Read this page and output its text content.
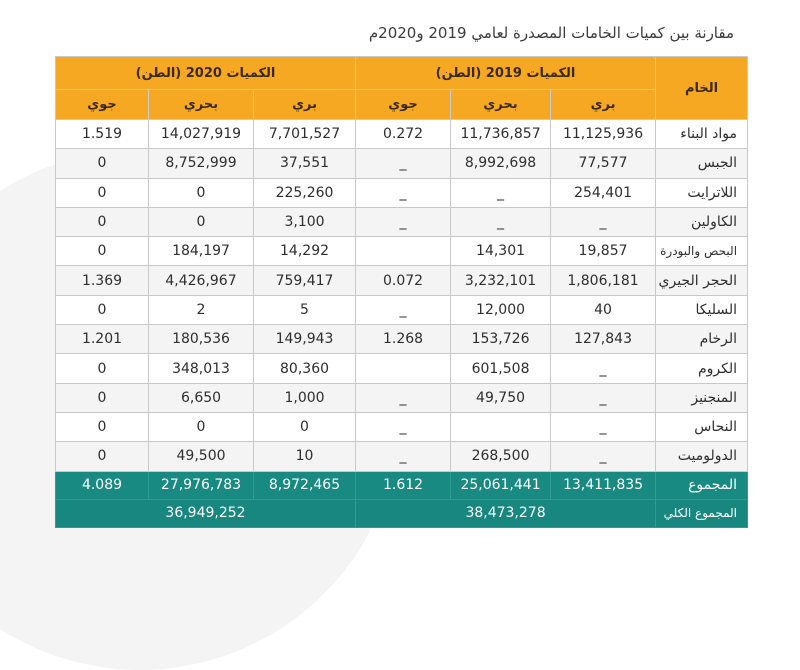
مقارنة بين كميات الخامات المصدرة لعامي 2019 و2020م
الخام	الكميات 2019 (الطن)			الكميات 2020 (الطن)		
	بري	بحري	جوي	بري	بحري	جوي
مواد البناء	11,125,936	11,736,857	0.272	7,701,527	14,027,919	1.519
الجبس	77,577	8,992,698	_	37,551	8,752,999	0
اللاترايت	254,401	_	_	225,260	0	0
الكاولين	_	_	_	3,100	0	0
البحص والبودرة	19,857	14,301		14,292	184,197	0
الحجر الجيري	1,806,181	3,232,101	0.072	759,417	4,426,967	1.369
السليكا	40	12,000	_	5	2	0
الرخام	127,843	153,726	1.268	149,943	180,536	1.201
الكروم	_	601,508		80,360	348,013	0
المنجنيز	_	49,750	_	1,000	6,650	0
النحاس	_		_	0	0	0
الدولوميت	_	268,500	_	10	49,500	0
المجموع	13,411,835	25,061,441	1.612	8,972,465	27,976,783	4.089
المجموع الكلي	38,473,278			36,949,252		
